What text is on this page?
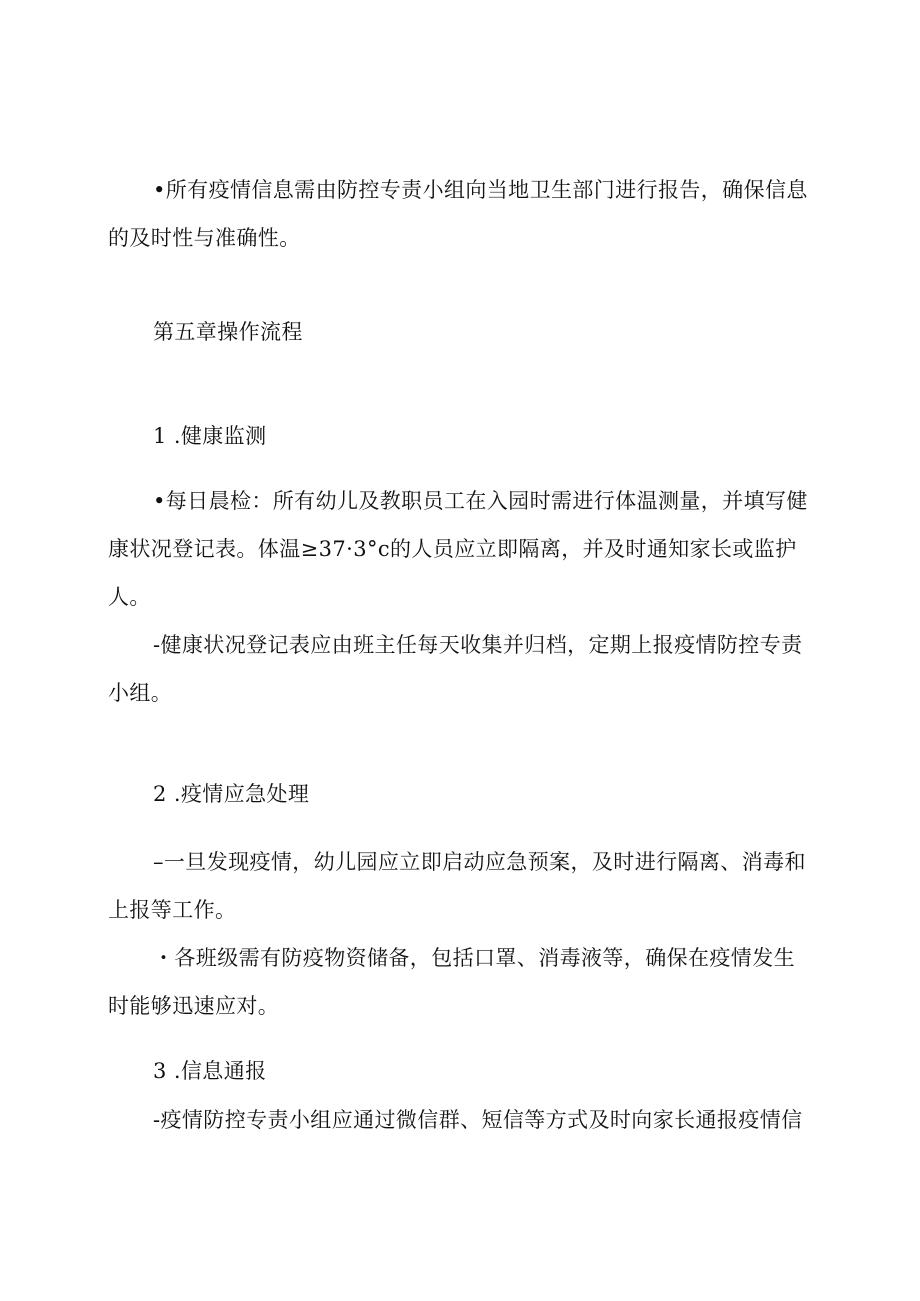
•所有疫情信息需由防控专责小组向当地卫生部门进行报告，确保信息
的及时性与准确性。
第五章操作流程
1 .健康监测
•每日晨检：所有幼儿及教职员工在入园时需进行体温测量，并填写健
康状况登记表。体温≥37·3°c的人员应立即隔离，并及时通知家长或监护
人。
-健康状况登记表应由班主任每天收集并归档，定期上报疫情防控专责
小组。
2 .疫情应急处理
–一旦发现疫情，幼儿园应立即启动应急预案，及时进行隔离、消毒和
上报等工作。
・各班级需有防疫物资储备，包括口罩、消毒液等，确保在疫情发生
时能够迅速应对。
3 .信息通报
-疫情防控专责小组应通过微信群、短信等方式及时向家长通报疫情信
